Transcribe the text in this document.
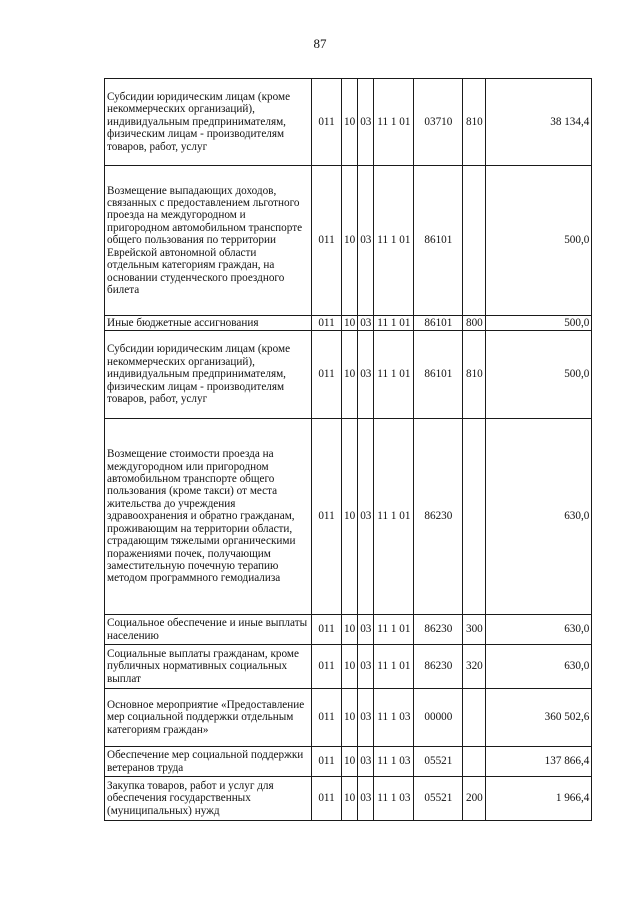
87
Субсидии юридическим лицам (кроме некоммерческих организаций), индивидуальным предпринимателям, физическим лицам - производителям товаров, работ, услуг	011	10	03	11 1 01	03710	810	38 134,4
Возмещение выпадающих доходов, связанных с предоставлением льготного проезда на междугородном и пригородном автомобильном транспорте общего пользования по территории Еврейской автономной области отдельным категориям граждан, на основании студенческого проездного билета	011	10	03	11 1 01	86101		500,0
Иные бюджетные ассигнования	011	10	03	11 1 01	86101	800	500,0
Субсидии юридическим лицам (кроме некоммерческих организаций), индивидуальным предпринимателям, физическим лицам - производителям товаров, работ, услуг	011	10	03	11 1 01	86101	810	500,0
Возмещение стоимости проезда на междугородном или пригородном автомобильном транспорте общего пользования (кроме такси) от места жительства до учреждения здравоохранения и обратно гражданам, проживающим на территории области, страдающим тяжелыми органическими поражениями почек, получающим заместительную почечную терапию методом программного гемодиализа	011	10	03	11 1 01	86230		630,0
Социальное обеспечение и иные выплаты населению	011	10	03	11 1 01	86230	300	630,0
Социальные выплаты гражданам, кроме публичных нормативных социальных выплат	011	10	03	11 1 01	86230	320	630,0
Основное мероприятие «Предоставление мер социальной поддержки отдельным категориям граждан»	011	10	03	11 1 03	00000		360 502,6
Обеспечение мер социальной поддержки ветеранов труда	011	10	03	11 1 03	05521		137 866,4
Закупка товаров, работ и услуг для обеспечения государственных (муниципальных) нужд	011	10	03	11 1 03	05521	200	1 966,4
